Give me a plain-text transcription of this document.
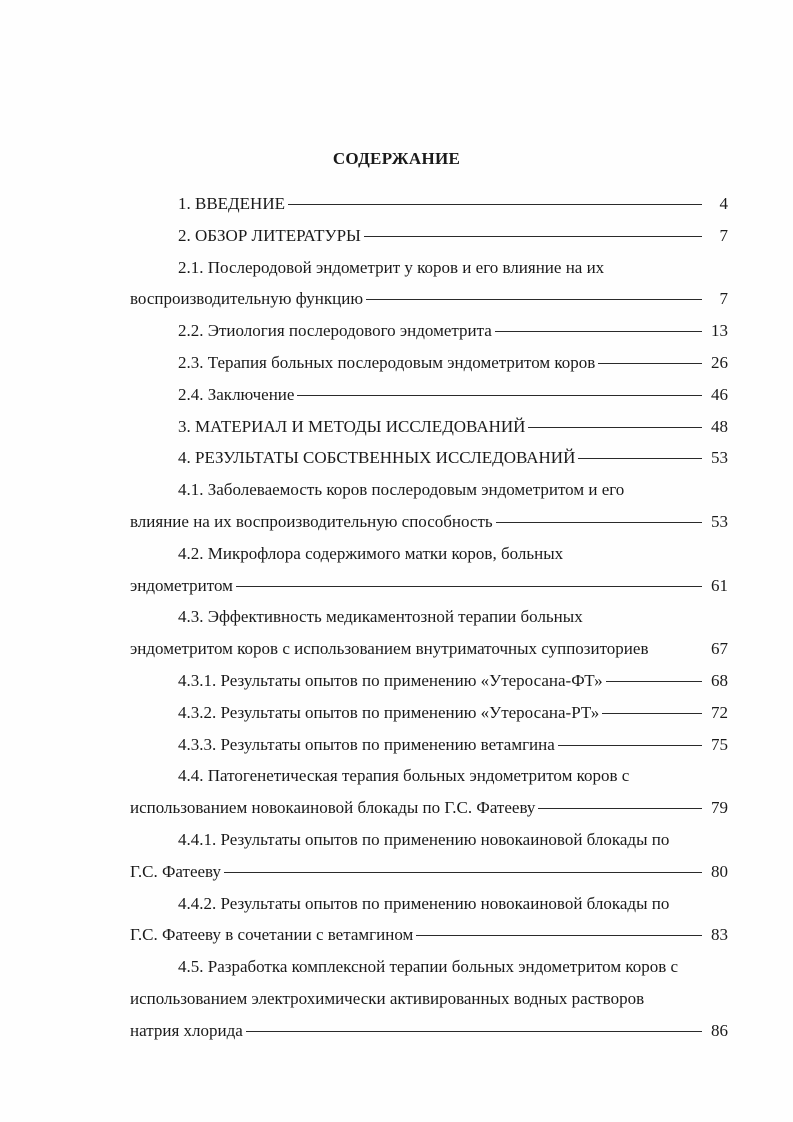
СОДЕРЖАНИЕ
1. ВВЕДЕНИЕ	4
2. ОБЗОР ЛИТЕРАТУРЫ	7
2.1. Послеродовой эндометрит у коров и его влияние на их
воспроизводительную функцию	7
2.2. Этиология послеродового эндометрита	13
2.3. Терапия больных послеродовым эндометритом коров	26
2.4. Заключение	46
3. МАТЕРИАЛ И МЕТОДЫ ИССЛЕДОВАНИЙ	48
4. РЕЗУЛЬТАТЫ СОБСТВЕННЫХ ИССЛЕДОВАНИЙ	53
4.1. Заболеваемость коров послеродовым эндометритом и его
влияние на их воспроизводительную способность	53
4.2. Микрофлора содержимого матки коров, больных
эндометритом	61
4.3. Эффективность медикаментозной терапии больных
эндометритом коров с использованием внутриматочных суппозиториев	67
4.3.1. Результаты опытов по применению «Утеросана-ФТ»	68
4.3.2. Результаты опытов по применению «Утеросана-РТ»	72
4.3.3. Результаты опытов по применению ветамгина	75
4.4. Патогенетическая терапия больных эндометритом коров с
использованием новокаиновой блокады по Г.С. Фатееву	79
4.4.1. Результаты опытов по применению новокаиновой блокады по
Г.С. Фатееву	80
4.4.2. Результаты опытов по применению новокаиновой блокады по
Г.С. Фатееву в сочетании с ветамгином	83
4.5. Разработка комплексной терапии больных эндометритом коров с
использованием электрохимически активированных водных растворов
натрия хлорида	86
